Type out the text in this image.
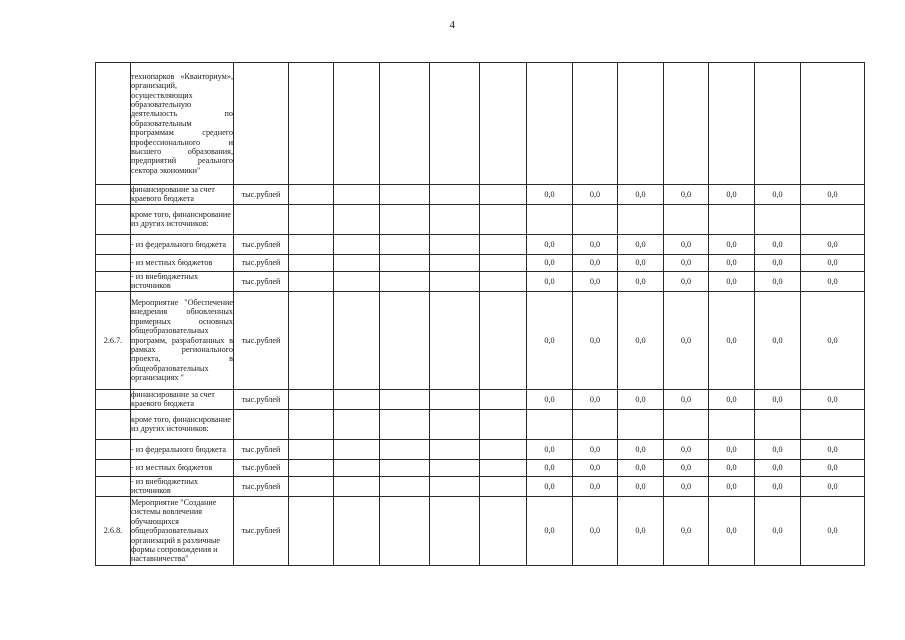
4

	технопарков «Кванториум», организаций, осуществляющих образовательную деятельность по образовательным программам среднего профессионального и высшего образования, предприятий реального сектора экономики"													

	финансирование за счет краевого бюджета	тыс.рублей						0,0	0,0	0,0	0,0	0,0	0,0	0,0

	кроме того, финансирование из других источников:													

	- из федерального бюджета	тыс.рублей						0,0	0,0	0,0	0,0	0,0	0,0	0,0

	- из местных бюджетов	тыс.рублей						0,0	0,0	0,0	0,0	0,0	0,0	0,0

	- из внебюджетных источников	тыс.рублей						0,0	0,0	0,0	0,0	0,0	0,0	0,0
2.6.7.	Мероприятие "Обеспечение внедрения обновленных примерных основных общеобразовательных программ, разработанных в рамках регионального проекта, в общеобразовательных организациях "	тыс.рублей						0,0	0,0	0,0	0,0	0,0	0,0	0,0

	финансирование за счет краевого бюджета	тыс.рублей						0,0	0,0	0,0	0,0	0,0	0,0	0,0

	кроме того, финансирование из других источников:													

	- из федерального бюджета	тыс.рублей						0,0	0,0	0,0	0,0	0,0	0,0	0,0

	- из местных бюджетов	тыс.рублей						0,0	0,0	0,0	0,0	0,0	0,0	0,0

	- из внебюджетных источников	тыс.рублей						0,0	0,0	0,0	0,0	0,0	0,0	0,0
2.6.8.	Мероприятие "Создание системы вовлечения обучающихся общеобразовательных организаций в различные формы сопровождения и наставничества"	тыс.рублей						0,0	0,0	0,0	0,0	0,0	0,0	0,0
